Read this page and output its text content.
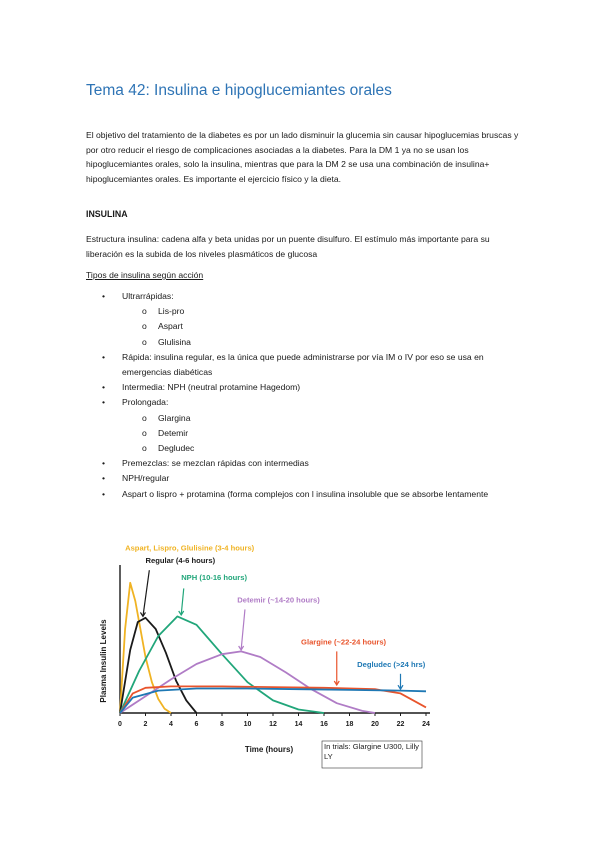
Tema 42: Insulina e hipoglucemiantes orales
El objetivo del tratamiento de la diabetes es por un lado disminuir la glucemia sin causar hipoglucemias bruscas y por otro reducir el riesgo de complicaciones asociadas a la diabetes. Para la DM 1 ya no se usan los hipoglucemiantes orales, solo la insulina, mientras que para la DM 2 se usa una combinación de insulina+ hipoglucemiantes orales. Es importante el ejercicio físico y la dieta.
INSULINA
Estructura insulina: cadena alfa y beta unidas por un puente disulfuro. El estímulo más importante para su liberación es la subida de los niveles plasmáticos de glucosa
Tipos de insulina según acción
• Ultrarrápidas:
o Lis-pro
o Aspart
o Glulisina
• Rápida: insulina regular, es la única que puede administrarse por vía IM o IV por eso se usa en emergencias diabéticas
• Intermedia: NPH (neutral protamine Hagedom)
• Prolongada:
o Glargina
o Detemir
o Degludec
• Premezclas: se mezclan rápidas con intermedias
• NPH/regular
• Aspart o lispro + protamina (forma complejos con l insulina insoluble que se absorbe lentamente
0	2	4	6	8	10	12	14	16	18	20	22	24
Aspart, Lispro, Glulisine (3-4 hours)
Regular (4-6 hours)
NPH (10-16 hours)
Detemir (~14-20 hours)
Glargine (~22-24 hours)
Degludec (>24 hrs)
Plasma Insulin Levels
Time (hours)	In trials: Glargine U300, Lilly LY
